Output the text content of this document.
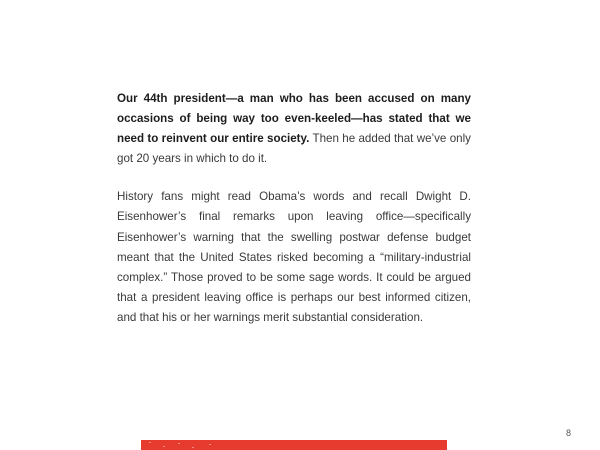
Our 44th president—a man who has been accused on many occasions of being way too even-keeled—has stated that we need to reinvent our entire society. Then he added that we’ve only got 20 years in which to do it.

History fans might read Obama’s words and recall Dwight D. Eisenhower’s final remarks upon leaving office—specifically Eisenhower’s warning that the swelling postwar defense budget meant that the United States risked becoming a “military-industrial complex.” Those proved to be some sage words. It could be argued that a president leaving office is perhaps our best informed citizen, and that his or her warnings merit substantial consideration.

8
